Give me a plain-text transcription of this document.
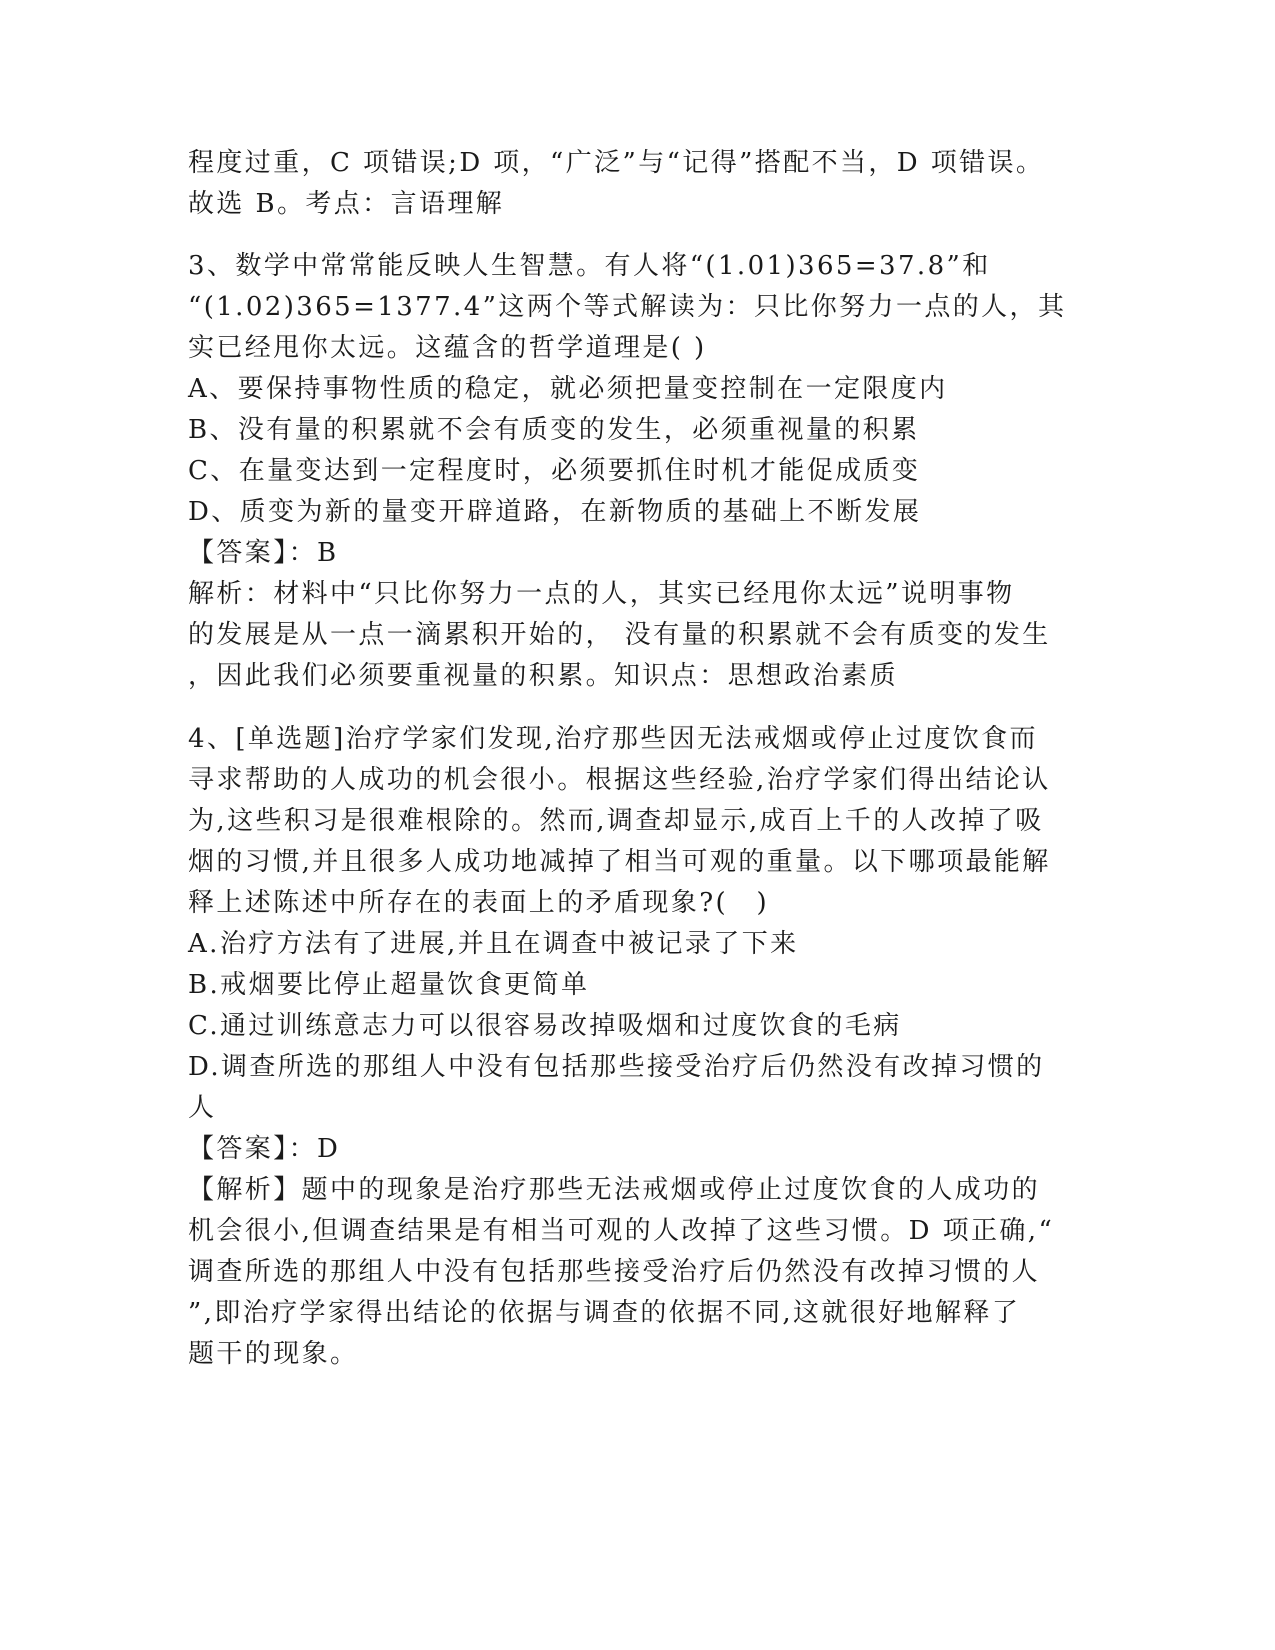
程度过重，C 项错误;D 项，“广泛”与“记得”搭配不当，D 项错误。
故选 B。考点：言语理解
3、数学中常常能反映人生智慧。有人将“(1.01)365=37.8”和
“(1.02)365=1377.4”这两个等式解读为：只比你努力一点的人，其
实已经甩你太远。这蕴含的哲学道理是( )
A、要保持事物性质的稳定，就必须把量变控制在一定限度内
B、没有量的积累就不会有质变的发生，必须重视量的积累
C、在量变达到一定程度时，必须要抓住时机才能促成质变
D、质变为新的量变开辟道路，在新物质的基础上不断发展
【答案】：B
解析：材料中“只比你努力一点的人，其实已经甩你太远”说明事物
的发展是从一点一滴累积开始的， 没有量的积累就不会有质变的发生
，因此我们必须要重视量的积累。知识点：思想政治素质
4、[单选题]治疗学家们发现,治疗那些因无法戒烟或停止过度饮食而
寻求帮助的人成功的机会很小。根据这些经验,治疗学家们得出结论认
为,这些积习是很难根除的。然而,调查却显示,成百上千的人改掉了吸
烟的习惯,并且很多人成功地减掉了相当可观的重量。以下哪项最能解
释上述陈述中所存在的表面上的矛盾现象?(　)
A.治疗方法有了进展,并且在调查中被记录了下来
B.戒烟要比停止超量饮食更简单
C.通过训练意志力可以很容易改掉吸烟和过度饮食的毛病
D.调查所选的那组人中没有包括那些接受治疗后仍然没有改掉习惯的
人
【答案】：D
【解析】题中的现象是治疗那些无法戒烟或停止过度饮食的人成功的
机会很小,但调查结果是有相当可观的人改掉了这些习惯。D 项正确,“
调查所选的那组人中没有包括那些接受治疗后仍然没有改掉习惯的人
”,即治疗学家得出结论的依据与调查的依据不同,这就很好地解释了
题干的现象。
